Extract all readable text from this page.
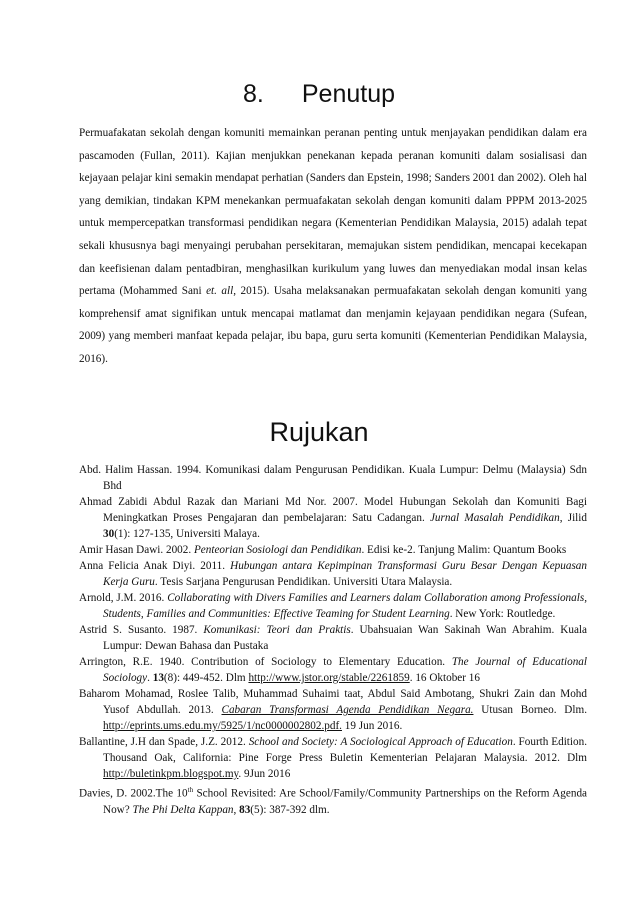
8. Penutup

Permuafakatan sekolah dengan komuniti memainkan peranan penting untuk menjayakan pendidikan dalam era pascamoden (Fullan, 2011). Kajian menjukkan penekanan kepada peranan komuniti dalam sosialisasi dan kejayaan pelajar kini semakin mendapat perhatian (Sanders dan Epstein, 1998; Sanders 2001 dan 2002). Oleh hal yang demikian, tindakan KPM menekankan permuafakatan sekolah dengan komuniti dalam PPPM 2013-2025 untuk mempercepatkan transformasi pendidikan negara (Kementerian Pendidikan Malaysia, 2015) adalah tepat sekali khususnya bagi menyaingi perubahan persekitaran, memajukan sistem pendidikan, mencapai kecekapan dan keefisienan dalam pentadbiran, menghasilkan kurikulum yang luwes dan menyediakan modal insan kelas pertama (Mohammed Sani et. all, 2015). Usaha melaksanakan permuafakatan sekolah dengan komuniti yang komprehensif amat signifikan untuk mencapai matlamat dan menjamin kejayaan pendidikan negara (Sufean, 2009) yang memberi manfaat kepada pelajar, ibu bapa, guru serta komuniti (Kementerian Pendidikan Malaysia, 2016).

Rujukan

Abd. Halim Hassan. 1994. Komunikasi dalam Pengurusan Pendidikan. Kuala Lumpur: Delmu (Malaysia) Sdn Bhd

Ahmad Zabidi Abdul Razak dan Mariani Md Nor. 2007. Model Hubungan Sekolah dan Komuniti Bagi Meningkatkan Proses Pengajaran dan pembelajaran: Satu Cadangan. Jurnal Masalah Pendidikan, Jilid 30(1): 127-135, Universiti Malaya.

Amir Hasan Dawi. 2002. Penteorian Sosiologi dan Pendidikan. Edisi ke-2. Tanjung Malim: Quantum Books

Anna Felicia Anak Diyi. 2011. Hubungan antara Kepimpinan Transformasi Guru Besar Dengan Kepuasan Kerja Guru. Tesis Sarjana Pengurusan Pendidikan. Universiti Utara Malaysia.

Arnold, J.M. 2016. Collaborating with Divers Families and Learners dalam Collaboration among Professionals, Students, Families and Communities: Effective Teaming for Student Learning. New York: Routledge.

Astrid S. Susanto. 1987. Komunikasi: Teori dan Praktis. Ubahsuaian Wan Sakinah Wan Abrahim. Kuala Lumpur: Dewan Bahasa dan Pustaka

Arrington, R.E. 1940. Contribution of Sociology to Elementary Education. The Journal of Educational Sociology. 13(8): 449-452. Dlm http://www.jstor.org/stable/2261859. 16 Oktober 16

Baharom Mohamad, Roslee Talib, Muhammad Suhaimi taat, Abdul Said Ambotang, Shukri Zain dan Mohd Yusof Abdullah. 2013. Cabaran Transformasi Agenda Pendidikan Negara. Utusan Borneo. Dlm. http://eprints.ums.edu.my/5925/1/nc0000002802.pdf. 19 Jun 2016.

Ballantine, J.H dan Spade, J.Z. 2012. School and Society: A Sociological Approach of Education. Fourth Edition. Thousand Oak, California: Pine Forge Press Buletin Kementerian Pelajaran Malaysia. 2012. Dlm http://buletinkpm.blogspot.my. 9Jun 2016

Davies, D. 2002.The 10th School Revisited: Are School/Family/Community Partnerships on the Reform Agenda Now? The Phi Delta Kappan, 83(5): 387-392 dlm.
